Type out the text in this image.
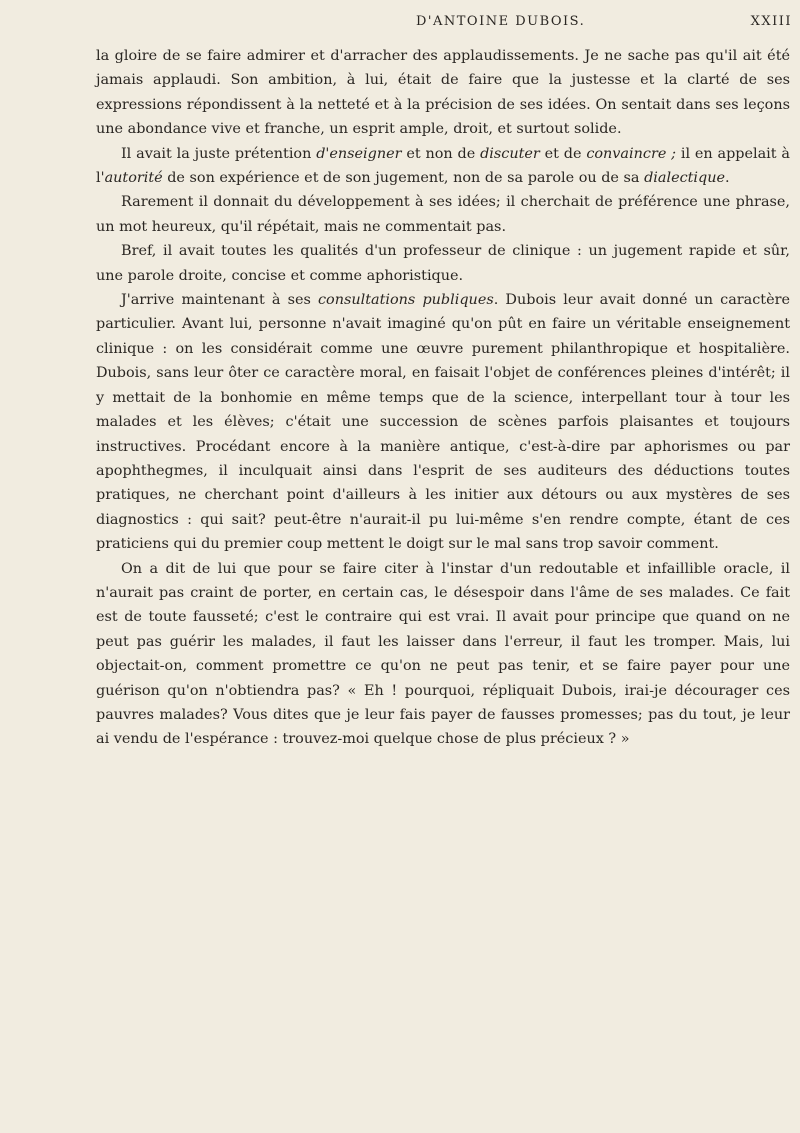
D'ANTOINE DUBOIS.	XXIII

la gloire de se faire admirer et d'arracher des applaudissements. Je ne sache pas qu'il ait été jamais applaudi. Son ambition, à lui, était de faire que la justesse et la clarté de ses expressions répondissent à la netteté et à la précision de ses idées. On sentait dans ses leçons une abondance vive et franche, un esprit ample, droit, et surtout solide.

Il avait la juste prétention d'enseigner et non de discuter et de convaincre ; il en appelait à l'autorité de son expérience et de son jugement, non de sa parole ou de sa dialectique.

Rarement il donnait du développement à ses idées; il cherchait de préférence une phrase, un mot heureux, qu'il répétait, mais ne commentait pas.

Bref, il avait toutes les qualités d'un professeur de clinique : un jugement rapide et sûr, une parole droite, concise et comme aphoristique.

J'arrive maintenant à ses consultations publiques. Dubois leur avait donné un caractère particulier. Avant lui, personne n'avait imaginé qu'on pût en faire un véritable enseignement clinique : on les considérait comme une œuvre purement philanthropique et hospitalière. Dubois, sans leur ôter ce caractère moral, en faisait l'objet de conférences pleines d'intérêt; il y mettait de la bonhomie en même temps que de la science, interpellant tour à tour les malades et les élèves; c'était une succession de scènes parfois plaisantes et toujours instructives. Procédant encore à la manière antique, c'est-à-dire par aphorismes ou par apophthegmes, il inculquait ainsi dans l'esprit de ses auditeurs des déductions toutes pratiques, ne cherchant point d'ailleurs à les initier aux détours ou aux mystères de ses diagnostics : qui sait? peut-être n'aurait-il pu lui-même s'en rendre compte, étant de ces praticiens qui du premier coup mettent le doigt sur le mal sans trop savoir comment.

On a dit de lui que pour se faire citer à l'instar d'un redoutable et infaillible oracle, il n'aurait pas craint de porter, en certain cas, le désespoir dans l'âme de ses malades. Ce fait est de toute fausseté; c'est le contraire qui est vrai. Il avait pour principe que quand on ne peut pas guérir les malades, il faut les laisser dans l'erreur, il faut les tromper. Mais, lui objectait-on, comment promettre ce qu'on ne peut pas tenir, et se faire payer pour une guérison qu'on n'obtiendra pas? « Eh ! pourquoi, répliquait Dubois, irai-je décourager ces pauvres malades? Vous dites que je leur fais payer de fausses promesses; pas du tout, je leur ai vendu de l'espérance : trouvez-moi quelque chose de plus précieux ? »
